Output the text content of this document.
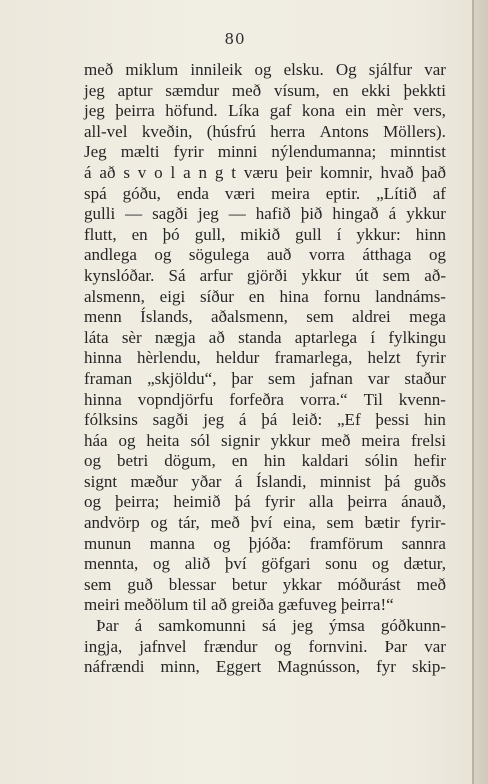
80
með miklum innileik og elsku. Og sjálfur var
jeg aptur sæmdur með vísum, en ekki þekkti
jeg þeirra höfund. Líka gaf kona ein mèr vers,
all-vel kveðin, (húsfrú herra Antons Möllers).
Jeg mælti fyrir minni nýlendumanna; minntist
á að s v o l a n g t væru þeir komnir, hvað það
spá góðu, enda væri meira eptir. „Lítið af
gulli — sagði jeg — hafið þið hingað á ykkur
flutt, en þó gull, mikið gull í ykkur: hinn
andlega og sögulega auð vorra átthaga og
kynslóðar. Sá arfur gjörði ykkur út sem að-
alsmenn, eigi síður en hina fornu landnáms-
menn Íslands, aðalsmenn, sem aldrei mega
láta sèr nægja að standa aptarlega í fylkingu
hinna hèrlendu, heldur framarlega, helzt fyrir
framan „skjöldu“, þar sem jafnan var staður
hinna vopndjörfu forfeðra vorra.“ Til kvenn-
fólksins sagði jeg á þá leið: „Ef þessi hin
háa og heita sól signir ykkur með meira frelsi
og betri dögum, en hin kaldari sólin hefir
signt mæður yðar á Íslandi, minnist þá guðs
og þeirra; heimið þá fyrir alla þeirra ánauð,
andvörp og tár, með því eina, sem bætir fyrir-
munun manna og þjóða: framförum sannra
mennta, og alið því göfgari sonu og dætur,
sem guð blessar betur ykkar móðurást með
meiri meðölum til að greiða gæfuveg þeirra!“
Þar á samkomunni sá jeg ýmsa góðkunn-
ingja, jafnvel frændur og fornvini. Þar var
náfrændi minn, Eggert Magnússon, fyr skip-
